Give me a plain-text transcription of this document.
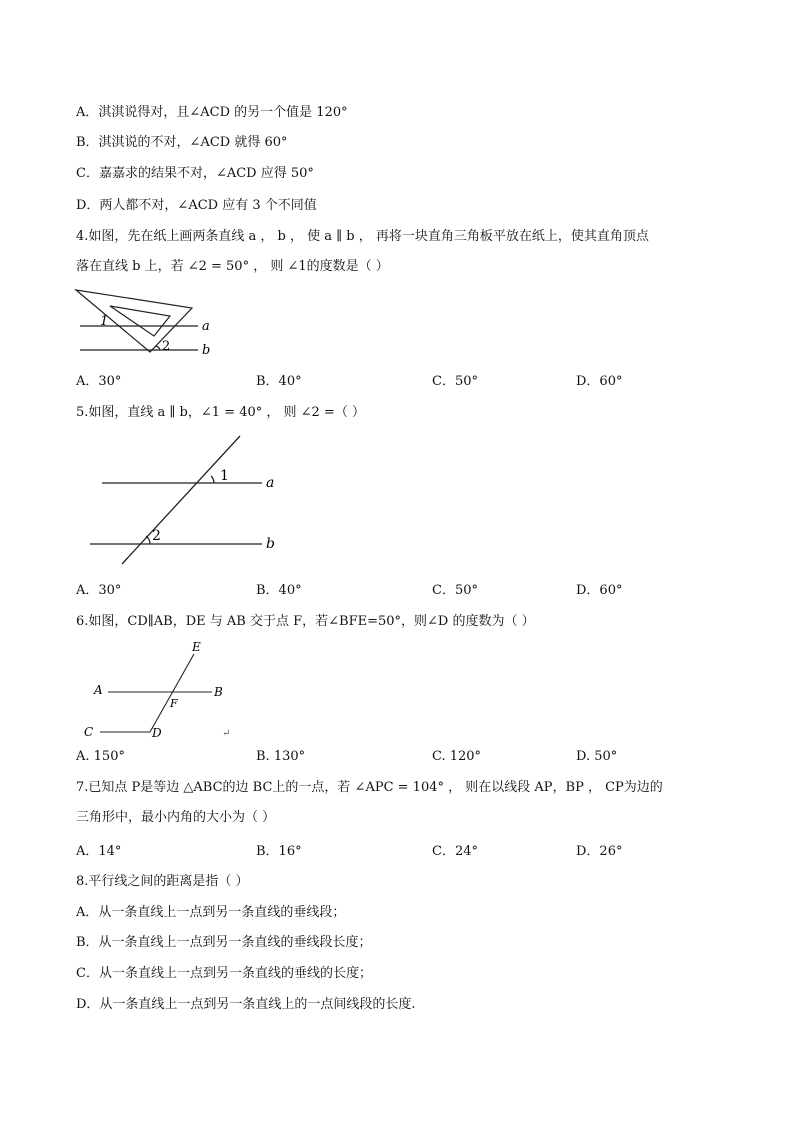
A．淇淇说得对，且∠ACD 的另一个值是 120°
B．淇淇说的不对，∠ACD 就得 60°
C．嘉嘉求的结果不对，∠ACD 应得 50°
D．两人都不对，∠ACD 应有 3 个不同值
4.如图，先在纸上画两条直线 a ， b ， 使 a ∥ b ， 再将一块直角三角板平放在纸上，使其直角顶点
落在直线 b 上，若 ∠2 = 50° ， 则 ∠1的度数是（ ）
1
2
a
b
A．30°	B．40°	C．50°	D．60°
5.如图，直线 a ∥ b，∠1 = 40° ， 则 ∠2 =（ ）
1
2
a
b
A．30°	B．40°	C．50°	D．60°
6.如图，CD∥AB，DE 与 AB 交于点 F，若∠BFE=50°，则∠D 的度数为（ ）
E
A	B
F
C	D	↵
A. 150°	B. 130°	C. 120°	D. 50°
7.已知点 P是等边 △ABC的边 BC上的一点，若 ∠APC = 104° ， 则在以线段 AP，BP ， CP为边的
三角形中，最小内角的大小为（ ）
A．14°	B．16°	C．24°	D．26°
8.平行线之间的距离是指（ ）
A．从一条直线上一点到另一条直线的垂线段；
B．从一条直线上一点到另一条直线的垂线段长度；
C．从一条直线上一点到另一条直线的垂线的长度；
D．从一条直线上一点到另一条直线上的一点间线段的长度.
